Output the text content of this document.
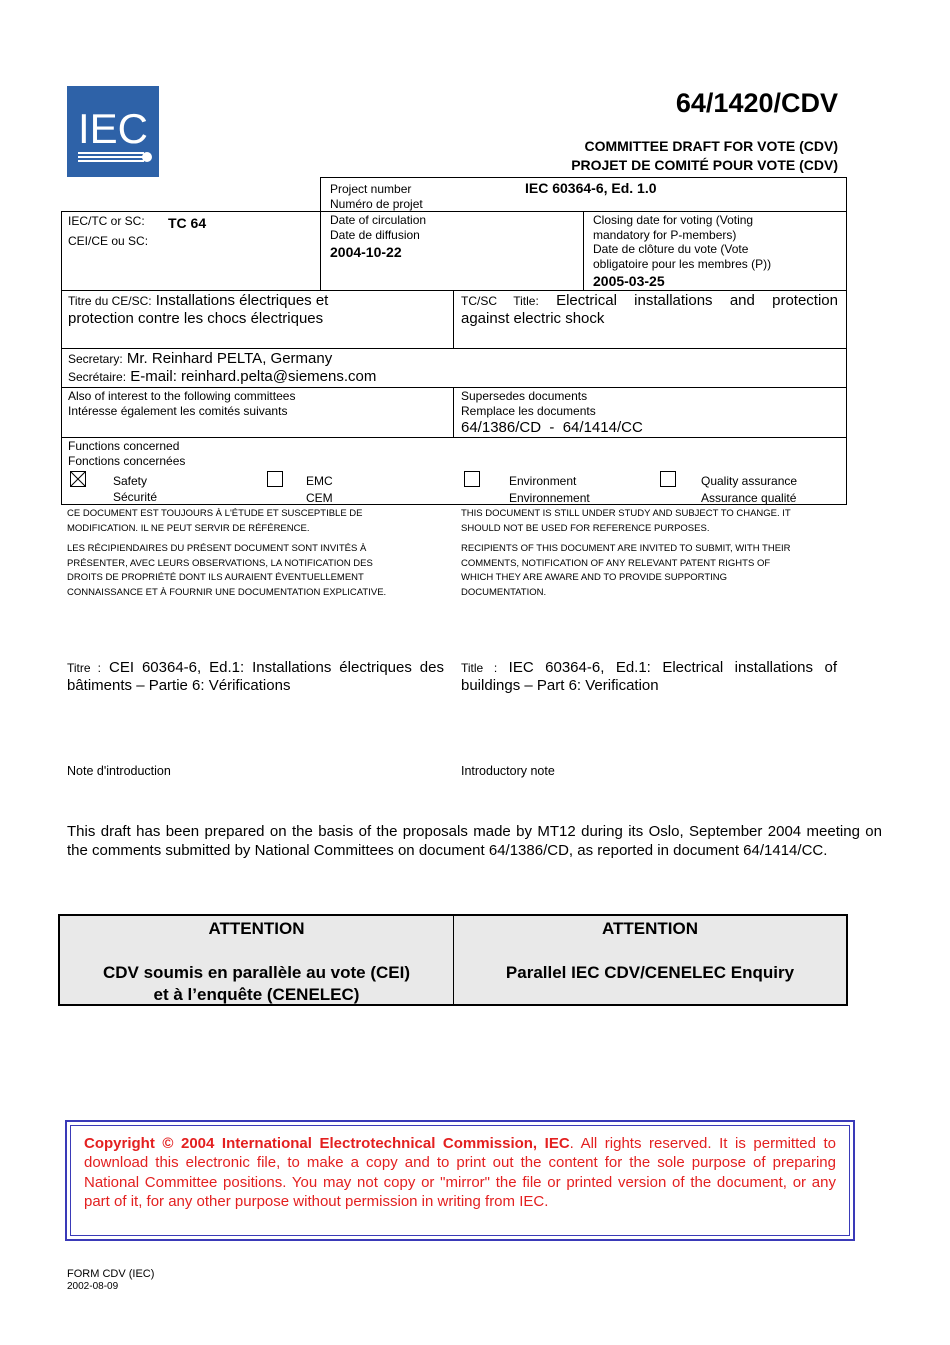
IEC
64/1420/CDV
COMMITTEE DRAFT FOR VOTE (CDV)
PROJET DE COMITÉ POUR VOTE (CDV)
Project number
Numéro de projet
IEC 60364-6, Ed. 1.0
IEC/TC or SC: TC 64
CEI/CE ou SC:
Date of circulation
Date de diffusion
2004-10-22
Closing date for voting (Voting
mandatory for P-members)
Date de clôture du vote (Vote
obligatoire pour les membres (P))
2005-03-25
Titre du CE/SC: Installations électriques et
protection contre les chocs électriques
TC/SC Title: Electrical installations and protection
against electric shock
Secretary: Mr. Reinhard PELTA, Germany
Secrétaire: E-mail: reinhard.pelta@siemens.com
Also of interest to the following committees
Intéresse également les comités suivants
Supersedes documents
Remplace les documents
64/1386/CD  -  64/1414/CC
Functions concerned
Fonctions concernées
Safety
Sécurité
EMC
CEM
Environment
Environnement
Quality assurance
Assurance qualité
CE DOCUMENT EST TOUJOURS À L'ÉTUDE ET SUSCEPTIBLE DE
MODIFICATION. IL NE PEUT SERVIR DE RÉFÉRENCE.
THIS DOCUMENT IS STILL UNDER STUDY AND SUBJECT TO CHANGE. IT
SHOULD NOT BE USED FOR REFERENCE PURPOSES.
LES RÉCIPIENDAIRES DU PRÉSENT DOCUMENT SONT INVITÉS À
PRÉSENTER, AVEC LEURS OBSERVATIONS, LA NOTIFICATION DES
DROITS DE PROPRIÉTÉ DONT ILS AURAIENT ÉVENTUELLEMENT
CONNAISSANCE ET À FOURNIR UNE DOCUMENTATION EXPLICATIVE.
RECIPIENTS OF THIS DOCUMENT ARE INVITED TO SUBMIT, WITH THEIR
COMMENTS, NOTIFICATION OF ANY RELEVANT PATENT RIGHTS OF
WHICH THEY ARE AWARE AND TO PROVIDE SUPPORTING
DOCUMENTATION.
Titre : CEI 60364-6, Ed.1: Installations électriques des bâtiments – Partie 6: Vérifications
Title : IEC 60364-6, Ed.1: Electrical installations of buildings – Part 6: Verification
Note d'introduction	Introductory note
This draft has been prepared on the basis of the proposals made by MT12 during its Oslo, September 2004 meeting on the comments submitted by National Committees on document 64/1386/CD, as reported in document 64/1414/CC.
ATTENTION
CDV soumis en parallèle au vote (CEI)
et à l’enquête (CENELEC)
ATTENTION
Parallel IEC CDV/CENELEC Enquiry
Copyright © 2004 International Electrotechnical Commission, IEC. All rights reserved. It is permitted to download this electronic file, to make a copy and to print out the content for the sole purpose of preparing National Committee positions. You may not copy or "mirror" the file or printed version of the document, or any part of it, for any other purpose without permission in writing from IEC.
FORM CDV (IEC)
2002-08-09
